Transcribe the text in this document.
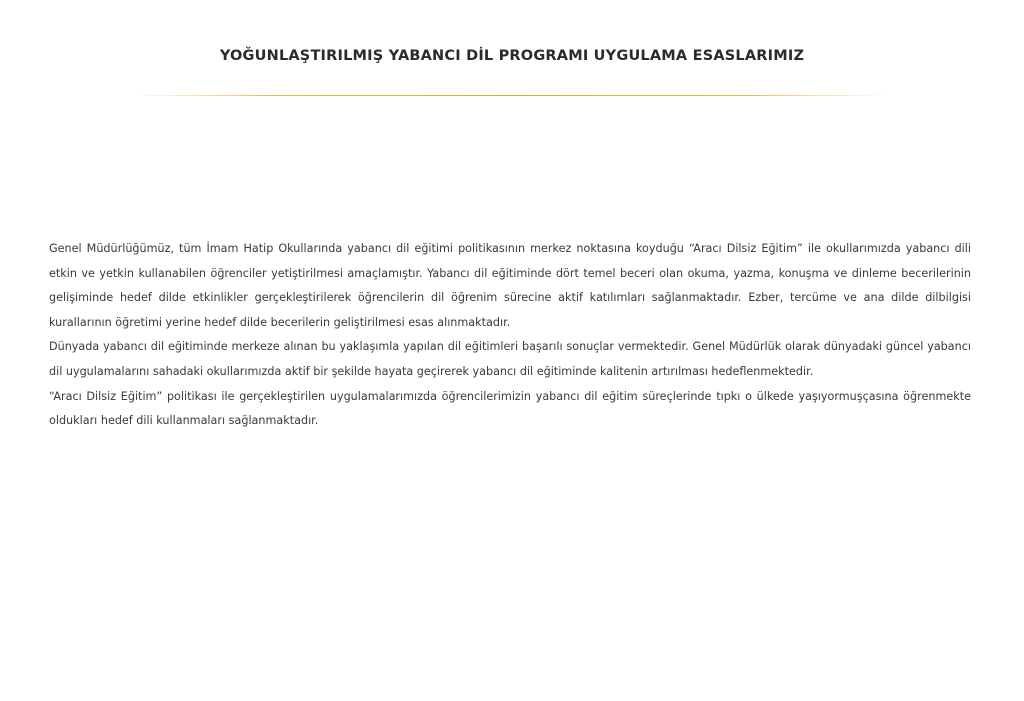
YOĞUNLAŞTIRILMIŞ YABANCI DİL PROGRAMI UYGULAMA ESASLARIMIZ

Genel Müdürlüğümüz, tüm İmam Hatip Okullarında yabancı dil eğitimi politikasının merkez noktasına koyduğu “Aracı Dilsiz Eğitim” ile okullarımızda yabancı dili etkin ve yetkin kullanabilen öğrenciler yetiştirilmesi amaçlamıştır. Yabancı dil eğitiminde dört temel beceri olan okuma, yazma, konuşma ve dinleme becerilerinin gelişiminde hedef dilde etkinlikler gerçekleştirilerek öğrencilerin dil öğrenim sürecine aktif katılımları sağlanmaktadır. Ezber, tercüme ve ana dilde dilbilgisi kurallarının öğretimi yerine hedef dilde becerilerin geliştirilmesi esas alınmaktadır.

Dünyada yabancı dil eğitiminde merkeze alınan bu yaklaşımla yapılan dil eğitimleri başarılı sonuçlar vermektedir. Genel Müdürlük olarak dünyadaki güncel yabancı dil uygulamalarını sahadaki okullarımızda aktif bir şekilde hayata geçirerek yabancı dil eğitiminde kalitenin artırılması hedeflenmektedir.

“Aracı Dilsiz Eğitim” politikası ile gerçekleştirilen uygulamalarımızda öğrencilerimizin yabancı dil eğitim süreçlerinde tıpkı o ülkede yaşıyormuşçasına öğrenmekte oldukları hedef dili kullanmaları sağlanmaktadır.
